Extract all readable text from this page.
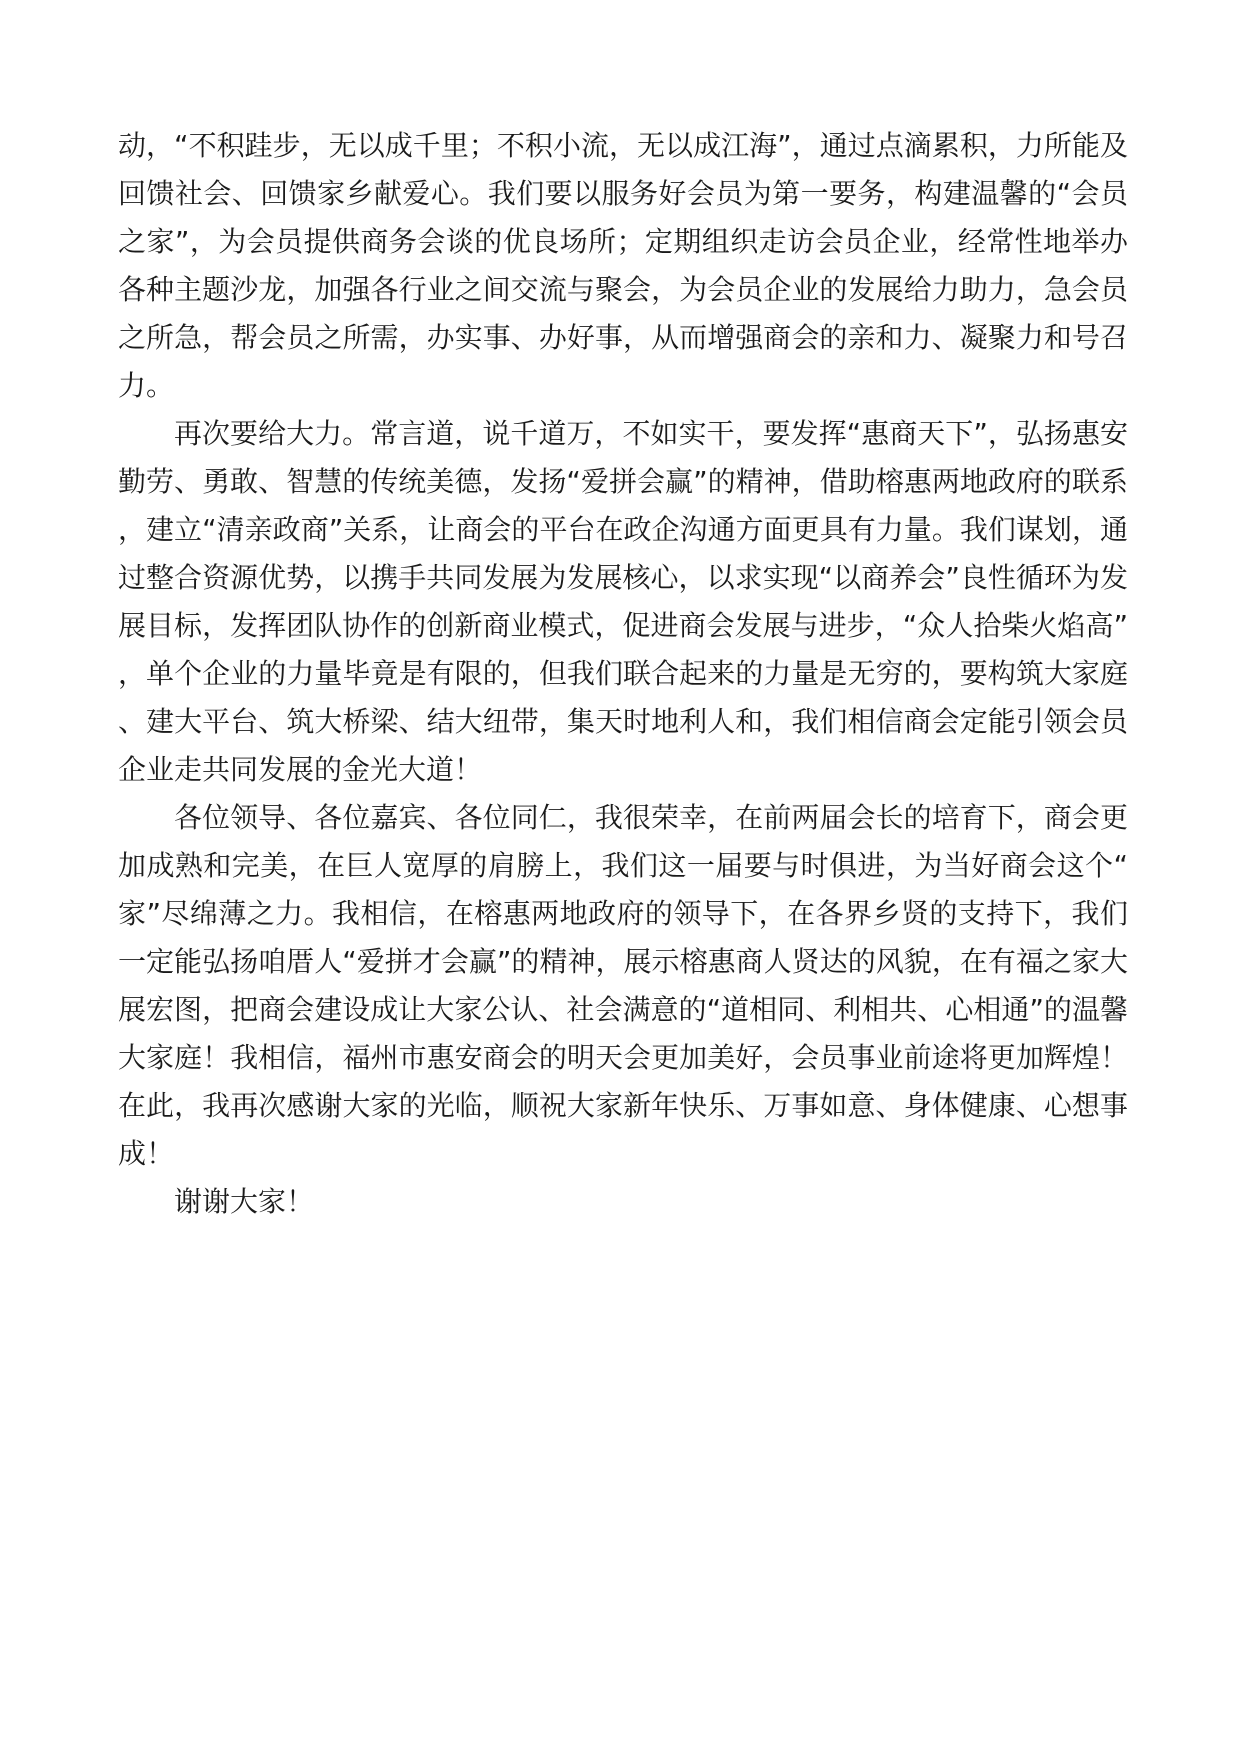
动，“不积跬步，无以成千里；不积小流，无以成江海”，通过点滴累积，力所能及回馈社会、回馈家乡献爱心。我们要以服务好会员为第一要务，构建温馨的“会员之家”，为会员提供商务会谈的优良场所；定期组织走访会员企业，经常性地举办各种主题沙龙，加强各行业之间交流与聚会，为会员企业的发展给力助力，急会员之所急，帮会员之所需，办实事、办好事，从而增强商会的亲和力、凝聚力和号召力。

再次要给大力。常言道，说千道万，不如实干，要发挥“惠商天下”，弘扬惠安勤劳、勇敢、智慧的传统美德，发扬“爱拼会赢”的精神，借助榕惠两地政府的联系，建立“清亲政商”关系，让商会的平台在政企沟通方面更具有力量。我们谋划，通过整合资源优势，以携手共同发展为发展核心，以求实现“以商养会”良性循环为发展目标，发挥团队协作的创新商业模式，促进商会发展与进步，“众人拾柴火焰高”，单个企业的力量毕竟是有限的，但我们联合起来的力量是无穷的，要构筑大家庭、建大平台、筑大桥梁、结大纽带，集天时地利人和，我们相信商会定能引领会员企业走共同发展的金光大道！

各位领导、各位嘉宾、各位同仁，我很荣幸，在前两届会长的培育下，商会更加成熟和完美，在巨人宽厚的肩膀上，我们这一届要与时俱进，为当好商会这个“家”尽绵薄之力。我相信，在榕惠两地政府的领导下，在各界乡贤的支持下，我们一定能弘扬咱厝人“爱拼才会赢”的精神，展示榕惠商人贤达的风貌，在有福之家大展宏图，把商会建设成让大家公认、社会满意的“道相同、利相共、心相通”的温馨大家庭！我相信，福州市惠安商会的明天会更加美好，会员事业前途将更加辉煌！在此，我再次感谢大家的光临，顺祝大家新年快乐、万事如意、身体健康、心想事成！

谢谢大家！
